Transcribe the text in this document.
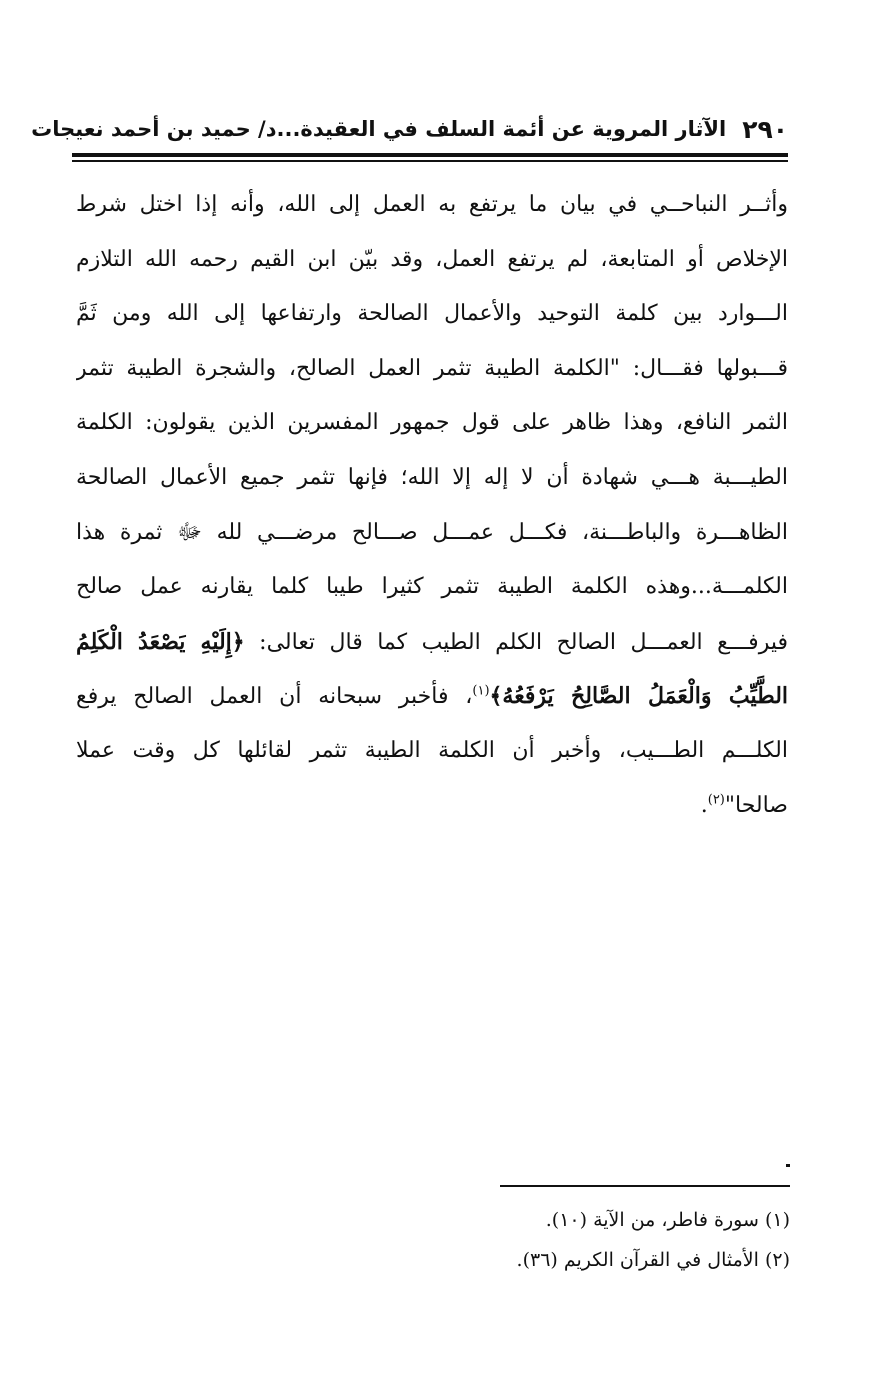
٢٩٠
الآثار المروية عن أئمة السلف في العقيدة...د/ حميد بن أحمد نعيجات
وأثــر النباحــي في بيان ما يرتفع به العمل إلى الله، وأنه إذا اختل شرط
الإخلاص أو المتابعة، لم يرتفع العمل، وقد بيّن ابن القيم رحمه الله التلازم
الـــوارد بين كلمة التوحيد والأعمال الصالحة وارتفاعها إلى الله ومن ثَمَّ
قـــبولها فقـــال: "الكلمة الطيبة تثمر العمل الصالح، والشجرة الطيبة تثمر
الثمر النافع، وهذا ظاهر على قول جمهور المفسرين الذين يقولون: الكلمة
الطيـــبة هـــي شهادة أن لا إله إلا الله؛ فإنها تثمر جميع الأعمال الصالحة
الظاهـــرة والباطـــنة، فكـــل عمـــل صـــالح مرضـــي لله ﷻ ثمرة هذا
الكلمـــة...وهذه الكلمة الطيبة تثمر كثيرا طيبا كلما يقارنه عمل صالح
فيرفـــع العمـــل الصالح الكلم الطيب كما قال تعالى: ﴿إِلَيْهِ يَصْعَدُ الْكَلِمُ
الطَّيِّبُ وَالْعَمَلُ الصَّالِحُ يَرْفَعُهُ﴾$^{(١)}$، فأخبر سبحانه أن العمل الصالح يرفع
الكلـــم الطـــيب، وأخبر أن الكلمة الطيبة تثمر لقائلها كل وقت عملا
صالحا"$^{(٢)}$.
(١) سورة فاطر، من الآية (١٠).
(٢) الأمثال في القرآن الكريم (٣٦).
